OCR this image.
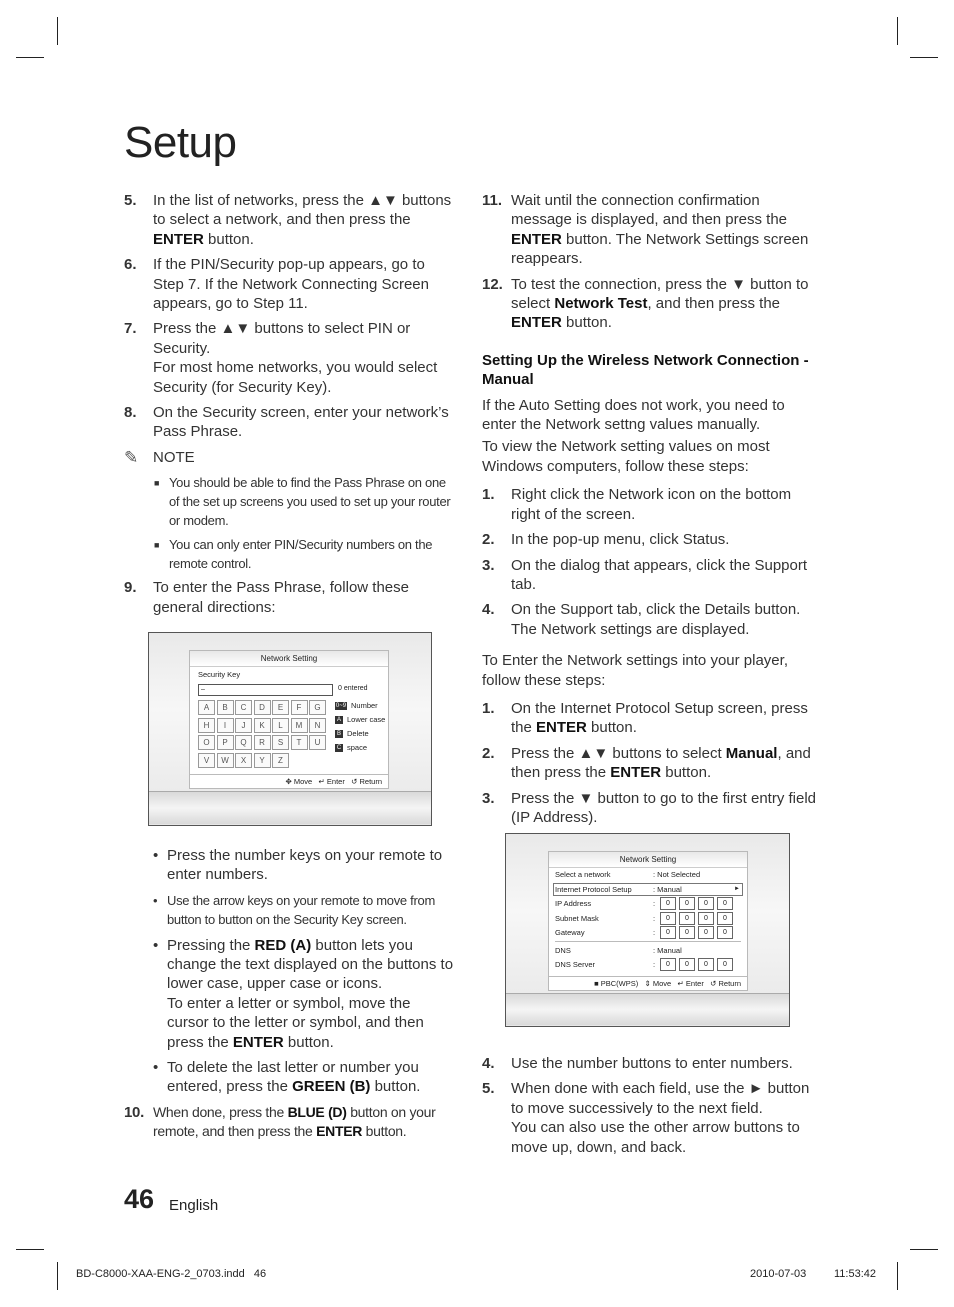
Setup
5. In the list of networks, press the ▲▼ buttons to select a network, and then press the ENTER button.
6. If the PIN/Security pop-up appears, go to Step 7. If the Network Connecting Screen appears, go to Step 11.
7. Press the ▲▼ buttons to select PIN or Security.
For most home networks, you would select Security (for Security Key).
8. On the Security screen, enter your network’s Pass Phrase.
✎ NOTE
■ You should be able to find the Pass Phrase on one of the set up screens you used to set up your router or modem.
■ You can only enter PIN/Security numbers on the remote control.
9. To enter the Pass Phrase, follow these general directions:
Network Setting
Security Key
–	0 entered
A	B	C	D	E	F	G
H	I	J	K	L	M	N
O	P	Q	R	S	T	U
V	W	X	Y	Z
0~9 Number
A Lower case
B Delete
C space
✥ Move ↵ Enter ↺ Return
• Press the number keys on your remote to enter numbers.
• Use the arrow keys on your remote to move from button to button on the Security Key screen.
• Pressing the RED (A) button lets you change the text displayed on the buttons to lower case, upper case or icons.
To enter a letter or symbol, move the cursor to the letter or symbol, and then press the ENTER button.
• To delete the last letter or number you entered, press the GREEN (B) button.
10. When done, press the BLUE (D) button on your remote, and then press the ENTER button.
11. Wait until the connection confirmation message is displayed, and then press the ENTER button. The Network Settings screen reappears.
12. To test the connection, press the ▼ button to select Network Test, and then press the ENTER button.
Setting Up the Wireless Network Connection - Manual
If the Auto Setting does not work, you need to enter the Network settng values manually.
To view the Network setting values on most Windows computers, follow these steps:
1. Right click the Network icon on the bottom right of the screen.
2. In the pop-up menu, click Status.
3. On the dialog that appears, click the Support tab.
4. On the Support tab, click the Details button. The Network settings are displayed.
To Enter the Network settings into your player, follow these steps:
1. On the Internet Protocol Setup screen, press the ENTER button.
2. Press the ▲▼ buttons to select Manual, and then press the ENTER button.
3. Press the ▼ button to go to the first entry field (IP Address).
Network Setting
Select a network	: Not Selected
Internet Protocol Setup	: Manual	►
IP Address	:	0	0	0	0
Subnet Mask	:	0	0	0	0
Gateway	:	0	0	0	0
DNS	: Manual
DNS Server	:	0	0	0	0
■ PBC(WPS) ⇕ Move ↵ Enter ↺ Return
4. Use the number buttons to enter numbers.
5. When done with each field, use the ► button to move successively to the next field.
You can also use the other arrow buttons to move up, down, and back.
46 English
BD-C8000-XAA-ENG-2_0703.indd   46	2010-07-03	11:53:42
